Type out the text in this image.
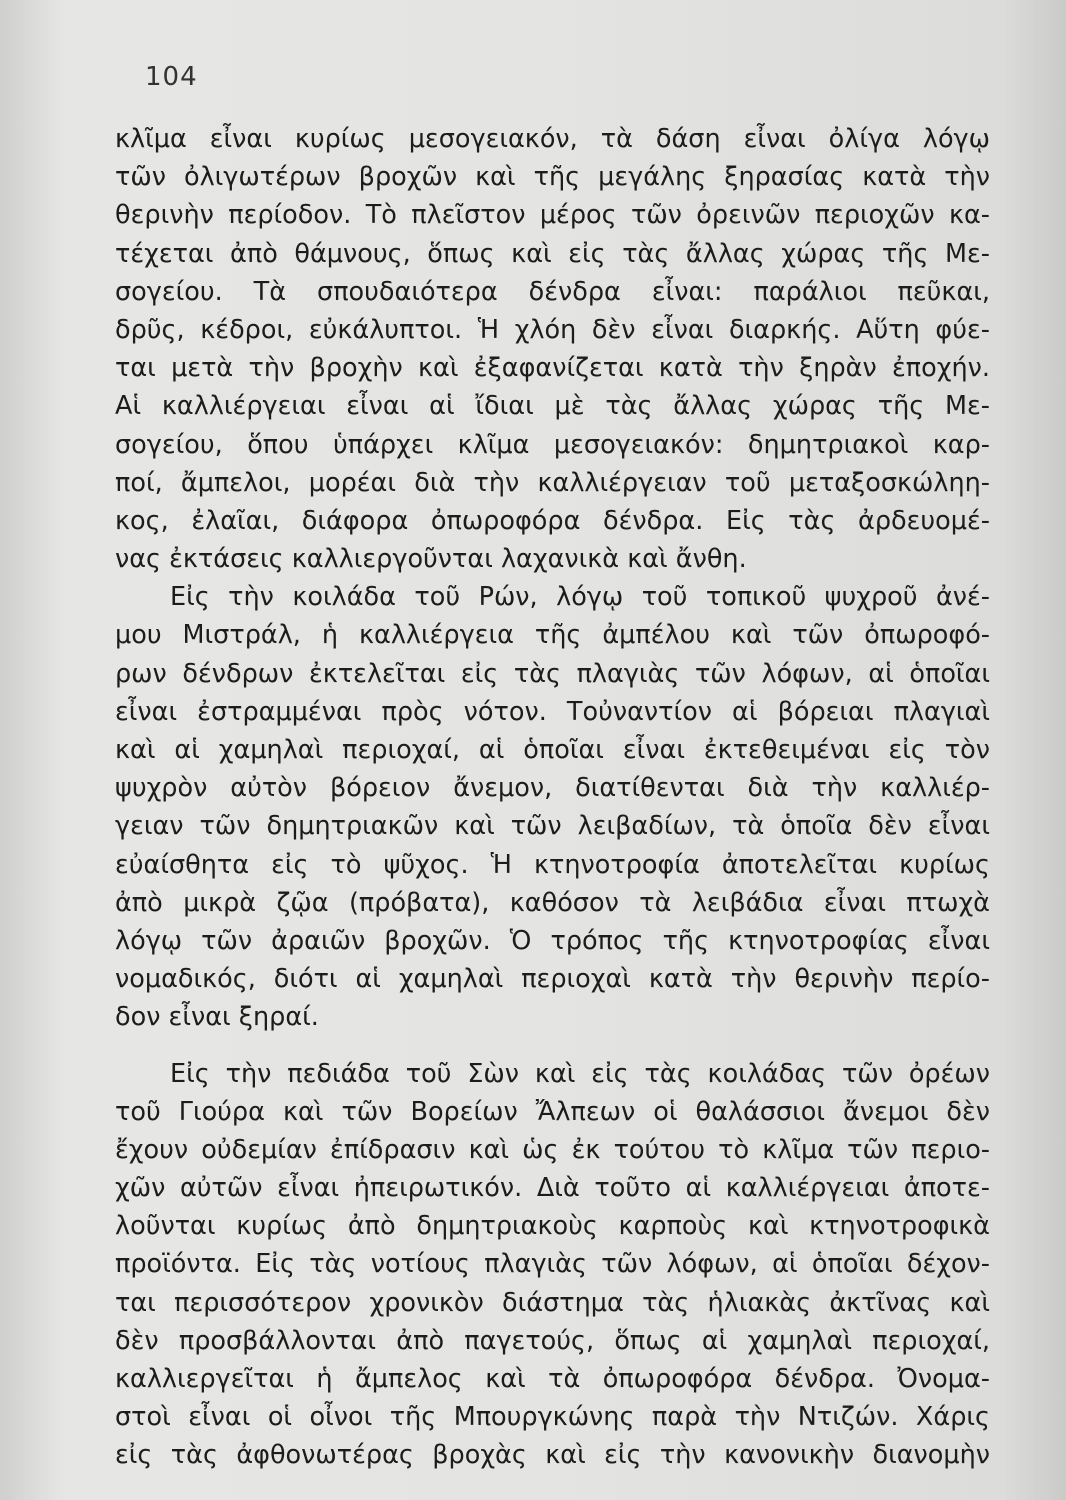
104
κλῖμα εἶναι κυρίως μεσογειακόν, τὰ δάση εἶναι ὀλίγα λόγῳ
τῶν ὀλιγωτέρων βροχῶν καὶ τῆς μεγάλης ξηρασίας κατὰ τὴν
θερινὴν περίοδον. Τὸ πλεῖστον μέρος τῶν ὀρεινῶν περιοχῶν κα-
τέχεται ἀπὸ θάμνους, ὅπως καὶ εἰς τὰς ἄλλας χώρας τῆς Με-
σογείου. Τὰ σπουδαιότερα δένδρα εἶναι: παράλιοι πεῦκαι,
δρῦς, κέδροι, εὐκάλυπτοι. Ἡ χλόη δὲν εἶναι διαρκής. Αὕτη φύε-
ται μετὰ τὴν βροχὴν καὶ ἐξαφανίζεται κατὰ τὴν ξηρὰν ἐποχήν.
Αἱ καλλιέργειαι εἶναι αἱ ἴδιαι μὲ τὰς ἄλλας χώρας τῆς Με-
σογείου, ὅπου ὑπάρχει κλῖμα μεσογειακόν: δημητριακοὶ καρ-
ποί, ἄμπελοι, μορέαι διὰ τὴν καλλιέργειαν τοῦ μεταξοσκώληη-
κος, ἐλαῖαι, διάφορα ὀπωροφόρα δένδρα. Εἰς τὰς ἀρδευομέ-
νας ἐκτάσεις καλλιεργοῦνται λαχανικὰ καὶ ἄνθη.
Εἰς τὴν κοιλάδα τοῦ Ρών, λόγῳ τοῦ τοπικοῦ ψυχροῦ ἀνέ-
μου Μιστράλ, ἡ καλλιέργεια τῆς ἀμπέλου καὶ τῶν ὀπωροφό-
ρων δένδρων ἐκτελεῖται εἰς τὰς πλαγιὰς τῶν λόφων, αἱ ὁποῖαι
εἶναι ἐστραμμέναι πρὸς νότον. Τοὐναντίον αἱ βόρειαι πλαγιαὶ
καὶ αἱ χαμηλαὶ περιοχαί, αἱ ὁποῖαι εἶναι ἐκτεθειμέναι εἰς τὸν
ψυχρὸν αὐτὸν βόρειον ἄνεμον, διατίθενται διὰ τὴν καλλιέρ-
γειαν τῶν δημητριακῶν καὶ τῶν λειβαδίων, τὰ ὁποῖα δὲν εἶναι
εὐαίσθητα εἰς τὸ ψῦχος. Ἡ κτηνοτροφία ἀποτελεῖται κυρίως
ἀπὸ μικρὰ ζῷα (πρόβατα), καθόσον τὰ λειβάδια εἶναι πτωχὰ
λόγῳ τῶν ἀραιῶν βροχῶν. Ὁ τρόπος τῆς κτηνοτροφίας εἶναι
νομαδικός, διότι αἱ χαμηλαὶ περιοχαὶ κατὰ τὴν θερινὴν περίο-
δον εἶναι ξηραί.
Εἰς τὴν πεδιάδα τοῦ Σὼν καὶ εἰς τὰς κοιλάδας τῶν ὀρέων
τοῦ Γιούρα καὶ τῶν Βορείων Ἄλπεων οἱ θαλάσσιοι ἄνεμοι δὲν
ἔχουν οὐδεμίαν ἐπίδρασιν καὶ ὡς ἐκ τούτου τὸ κλῖμα τῶν περιο-
χῶν αὐτῶν εἶναι ἠπειρωτικόν. Διὰ τοῦτο αἱ καλλιέργειαι ἀποτε-
λοῦνται κυρίως ἀπὸ δημητριακοὺς καρποὺς καὶ κτηνοτροφικὰ
προϊόντα. Εἰς τὰς νοτίους πλαγιὰς τῶν λόφων, αἱ ὁποῖαι δέχον-
ται περισσότερον χρονικὸν διάστημα τὰς ἡλιακὰς ἀκτῖνας καὶ
δὲν προσβάλλονται ἀπὸ παγετούς, ὅπως αἱ χαμηλαὶ περιοχαί,
καλλιεργεῖται ἡ ἄμπελος καὶ τὰ ὀπωροφόρα δένδρα. Ὀνομα-
στοὶ εἶναι οἱ οἶνοι τῆς Μπουργκώνης παρὰ τὴν Ντιζών. Χάρις
εἰς τὰς ἀφθονωτέρας βροχὰς καὶ εἰς τὴν κανονικὴν διανομὴν
